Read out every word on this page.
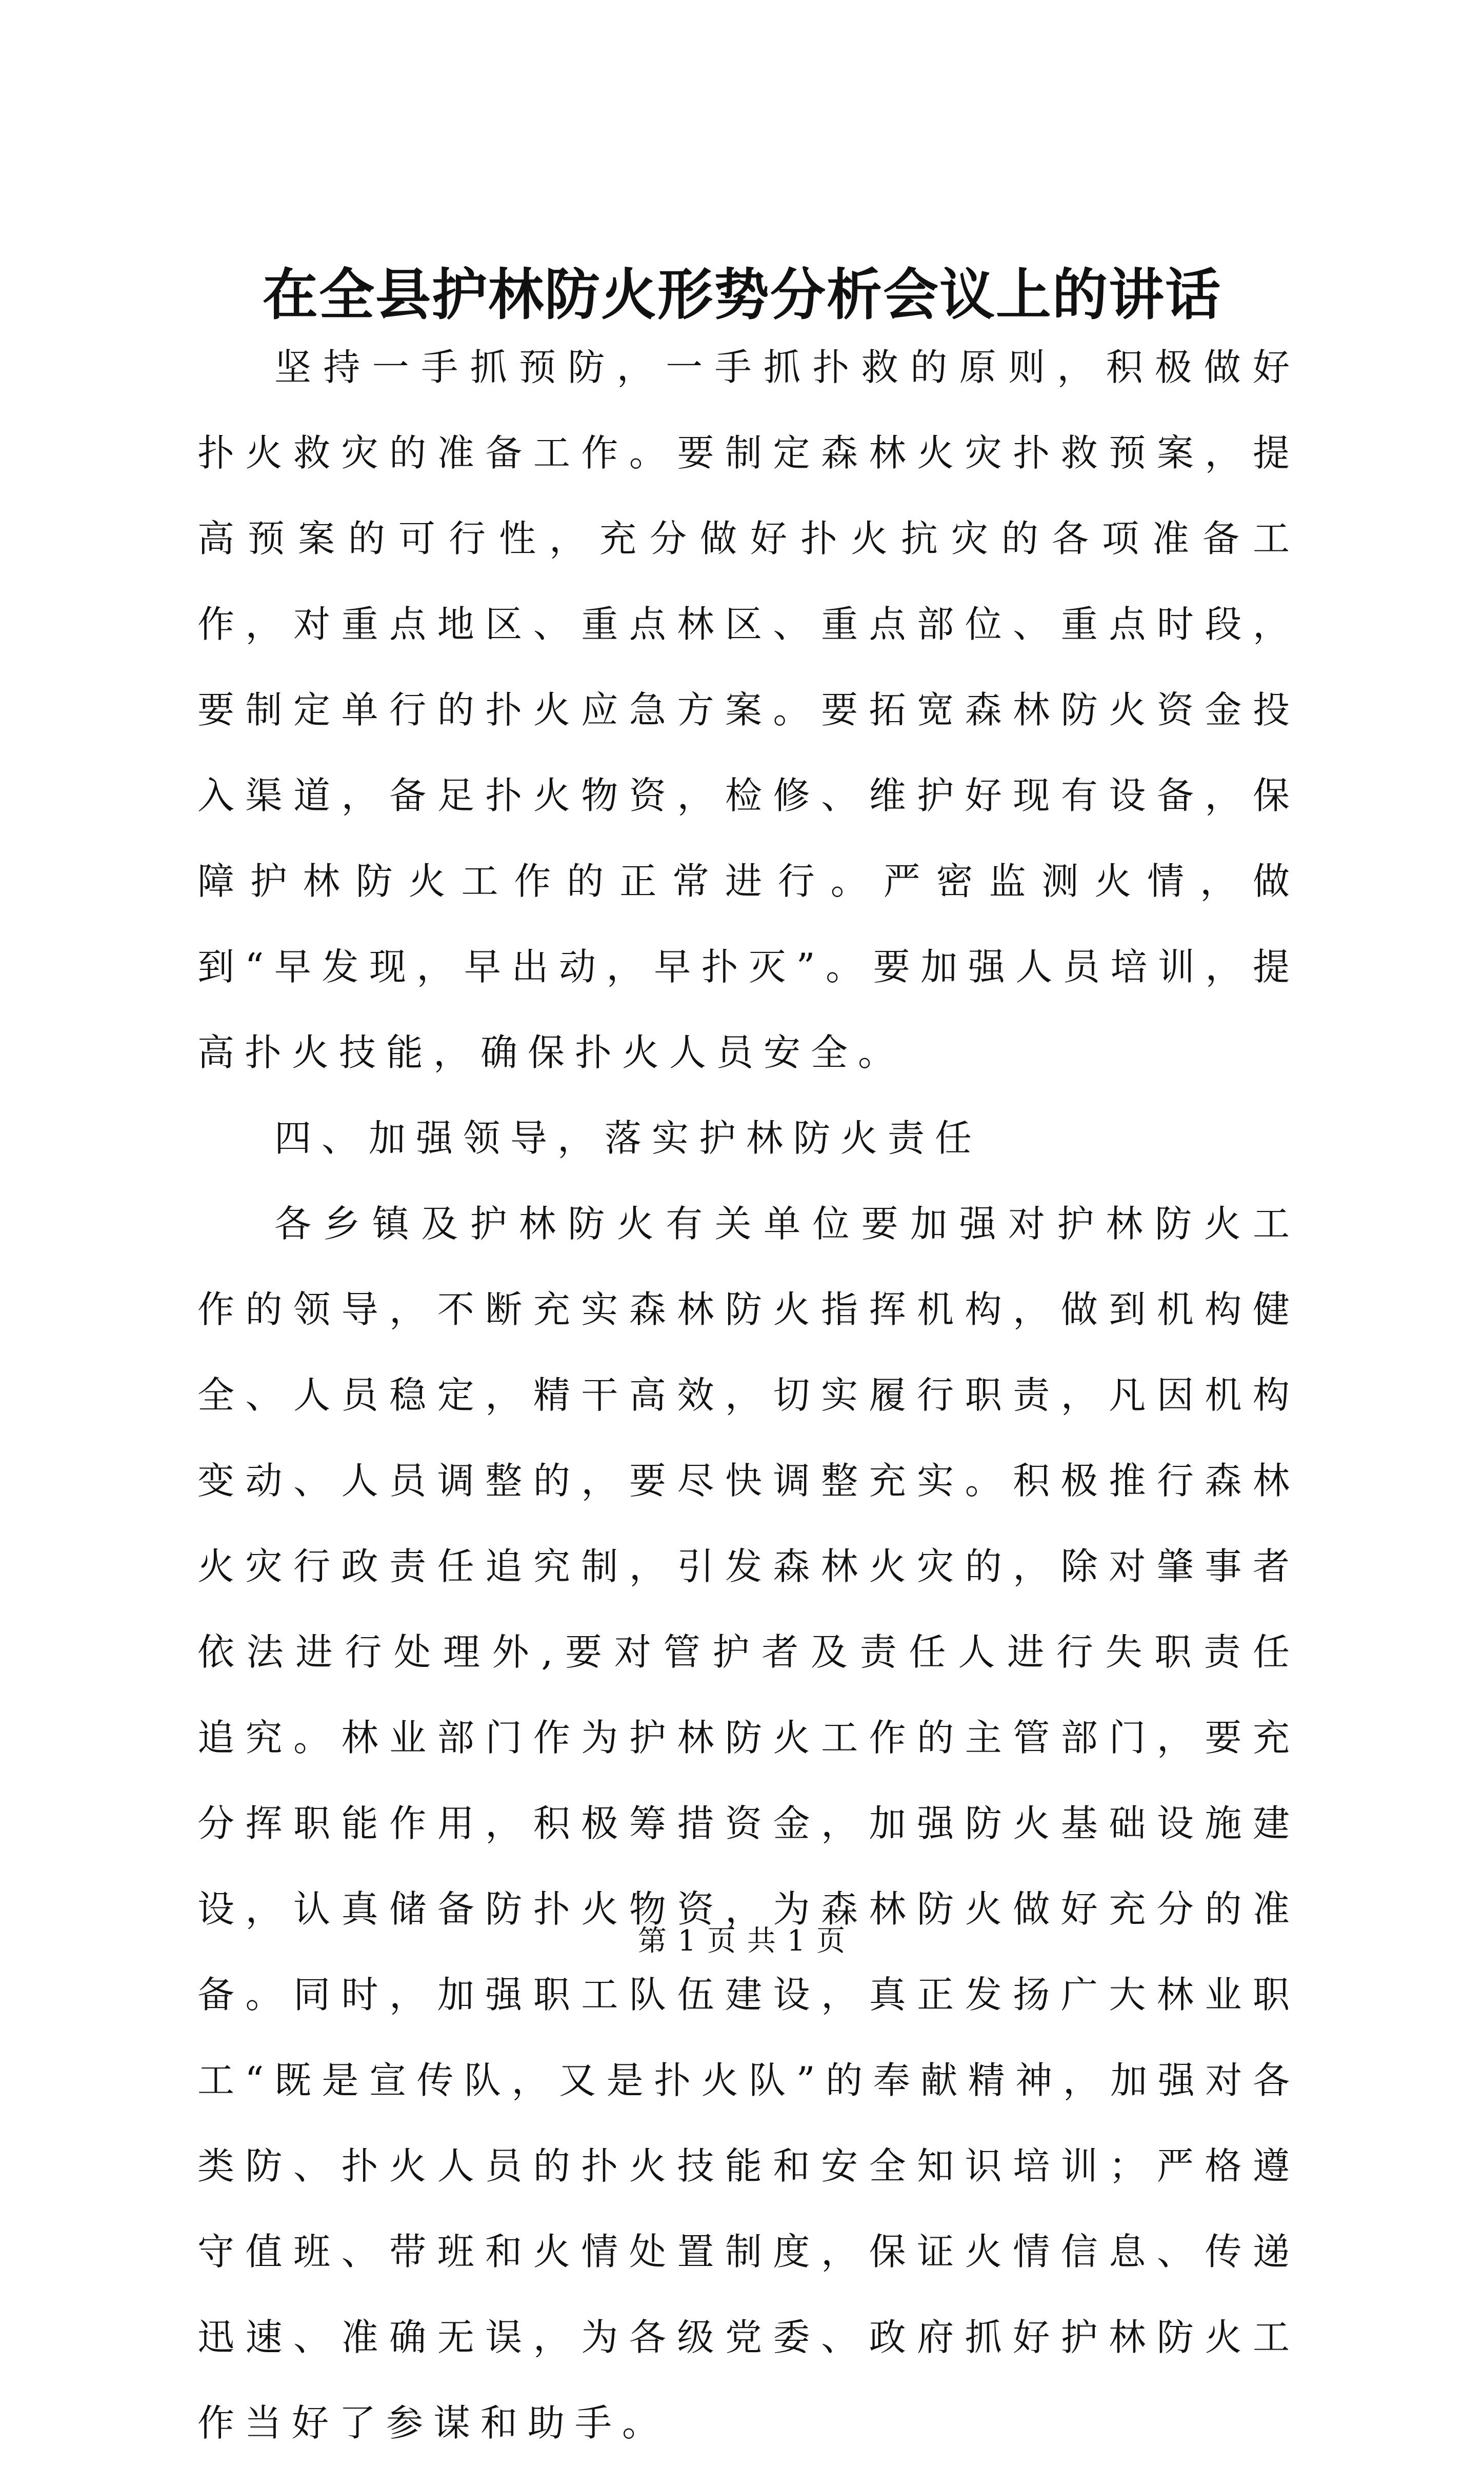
在全县护林防火形势分析会议上的讲话

坚持一手抓预防，一手抓扑救的原则，积极做好扑火救灾的准备工作。要制定森林火灾扑救预案，提高预案的可行性，充分做好扑火抗灾的各项准备工作，对重点地区、重点林区、重点部位、重点时段，要制定单行的扑火应急方案。要拓宽森林防火资金投入渠道，备足扑火物资，检修、维护好现有设备，保障护林防火工作的正常进行。严密监测火情，做到“早发现，早出动，早扑灭”。要加强人员培训，提高扑火技能，确保扑火人员安全。

四、加强领导，落实护林防火责任

各乡镇及护林防火有关单位要加强对护林防火工作的领导，不断充实森林防火指挥机构，做到机构健全、人员稳定，精干高效，切实履行职责，凡因机构变动、人员调整的，要尽快调整充实。积极推行森林火灾行政责任追究制，引发森林火灾的，除对肇事者依法进行处理外,要对管护者及责任人进行失职责任追究。林业部门作为护林防火工作的主管部门，要充分挥职能作用，积极筹措资金，加强防火基础设施建设，认真储备防扑火物资，为森林防火做好充分的准备。同时，加强职工队伍建设，真正发扬广大林业职工“既是宣传队，又是扑火队”的奉献精神，加强对各类防、扑火人员的扑火技能和安全知识培训；严格遵守值班、带班和火情处置制度，保证火情信息、传递迅速、准确无误，为各级党委、政府抓好护林防火工作当好了参谋和助手。

第 1 页 共 1 页
